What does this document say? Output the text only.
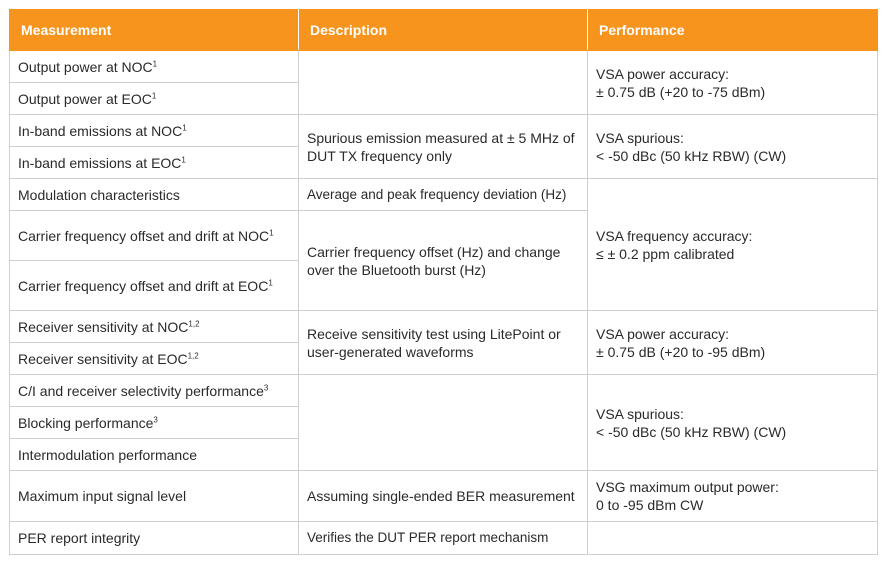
Measurement	Description	Performance
Output power at NOC$^1$		VSA power accuracy:
± 0.75 dB (+20 to -75 dBm)
Output power at EOC$^1$
In-band emissions at NOC$^1$	Spurious emission measured at ± 5 MHz of DUT TX frequency only	VSA spurious:
< -50 dBc (50 kHz RBW) (CW)
In-band emissions at EOC$^1$
Modulation characteristics	Average and peak frequency deviation (Hz)	VSA frequency accuracy:
≤ ± 0.2 ppm calibrated
Carrier frequency offset and drift at NOC$^1$	Carrier frequency offset (Hz) and change over the Bluetooth burst (Hz)	
Carrier frequency offset and drift at EOC$^1$
Receiver sensitivity at NOC$^{1,2}$	Receive sensitivity test using LitePoint or user-generated waveforms	VSA power accuracy:
± 0.75 dB (+20 to -95 dBm)
Receiver sensitivity at EOC$^{1,2}$
C/I and receiver selectivity performance$^3$		VSA spurious:
< -50 dBc (50 kHz RBW) (CW)
Blocking performance$^3$
Intermodulation performance		
Maximum input signal level	Assuming single-ended BER measurement	VSG maximum output power:
0 to -95 dBm CW
PER report integrity	Verifies the DUT PER report mechanism	
